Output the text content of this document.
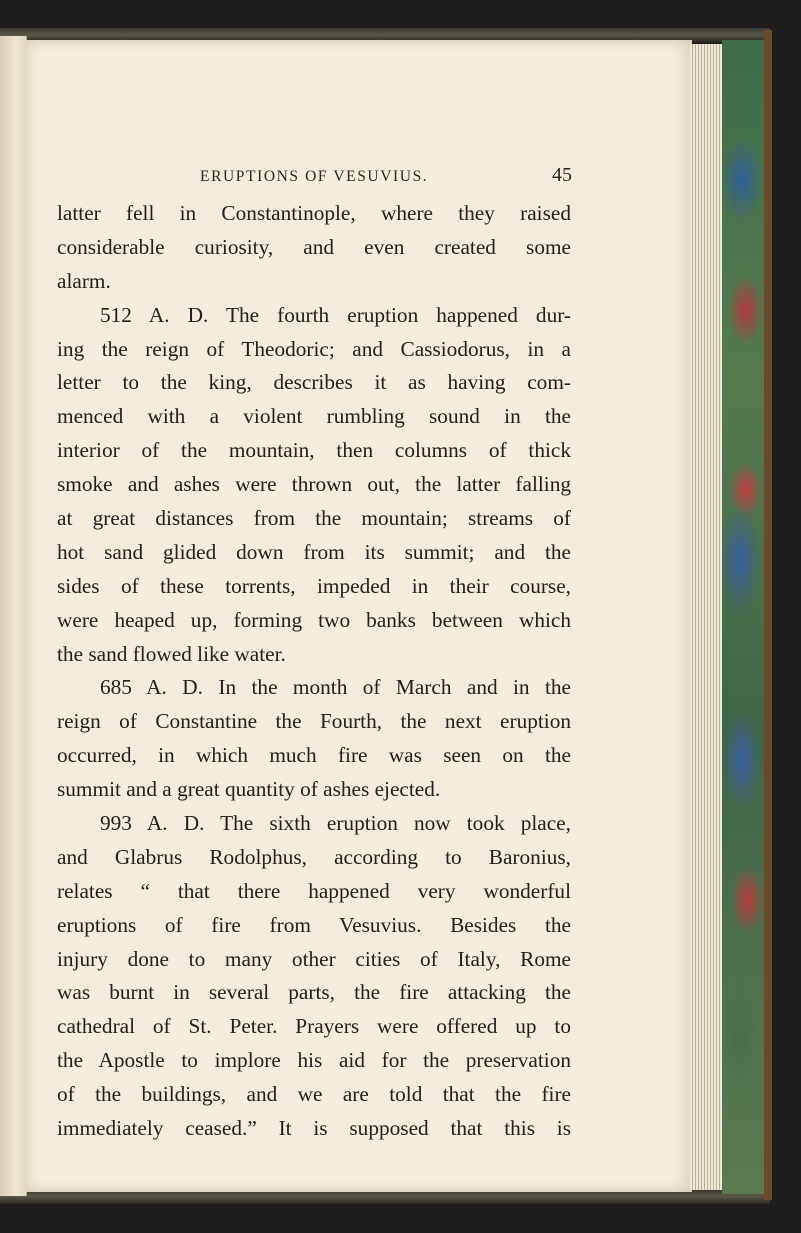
ERUPTIONS OF VESUVIUS.	45
latter fell in Constantinople, where they raised
considerable curiosity, and even created some
alarm.
512 A. D. The fourth eruption happened dur-
ing the reign of Theodoric; and Cassiodorus, in a
letter to the king, describes it as having com-
menced with a violent rumbling sound in the
interior of the mountain, then columns of thick
smoke and ashes were thrown out, the latter falling
at great distances from the mountain; streams of
hot sand glided down from its summit; and the
sides of these torrents, impeded in their course,
were heaped up, forming two banks between which
the sand flowed like water.
685 A. D. In the month of March and in the
reign of Constantine the Fourth, the next eruption
occurred, in which much fire was seen on the
summit and a great quantity of ashes ejected.
993 A. D. The sixth eruption now took place,
and Glabrus Rodolphus, according to Baronius,
relates “ that there happened very wonderful
eruptions of fire from Vesuvius. Besides the
injury done to many other cities of Italy, Rome
was burnt in several parts, the fire attacking the
cathedral of St. Peter. Prayers were offered up to
the Apostle to implore his aid for the preservation
of the buildings, and we are told that the fire
immediately ceased.” It is supposed that this is
